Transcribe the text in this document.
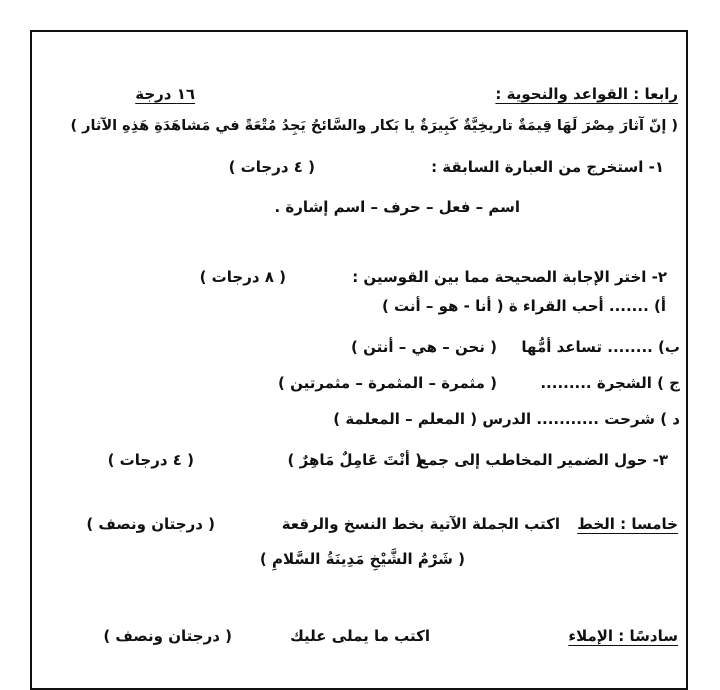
رابعا : القواعد والنحوية :
١٦ درجة
( إنّ آثارَ مِصْرَ لَهَا قِيمَةٌ تاريخِيَّةٌ كَبِيرَةٌ يا بَكار والسَّائحُ يَجِدُ مُتْعَةً في مَشاهَدَةِ هَذِهِ الآثار )
١- استخرج من العبارة السابقة :
( ٤ درجات )
اسم – فعل – حرف – اسم إشارة .
٢- اختر الإجابة الصحيحة مما بين القوسين :
( ٨ درجات )
أ) ....... أحب القراء ة ( أنا - هو – أنت )
ب) ........ تساعد أمُّها
( نحن – هي – أنتن )
ج ) الشجرة .........
( مثمرة – المثمرة – مثمرتين )
د ) شرحت ........... الدرس ( المعلم – المعلمة )
٣- حول الضمير المخاطب إلى جمع
( أنْتَ عَامِلٌ مَاهِرٌ )
( ٤ درجات )
خامسا : الخط
اكتب الجملة الآتية بخط النسخ والرقعة
( درجتان ونصف )
( شَرْمُ الشَّيْخِ مَدِينَةُ السَّلامِ )
سادسًا : الإملاء
اكتب ما يملى عليك
( درجتان ونصف )
